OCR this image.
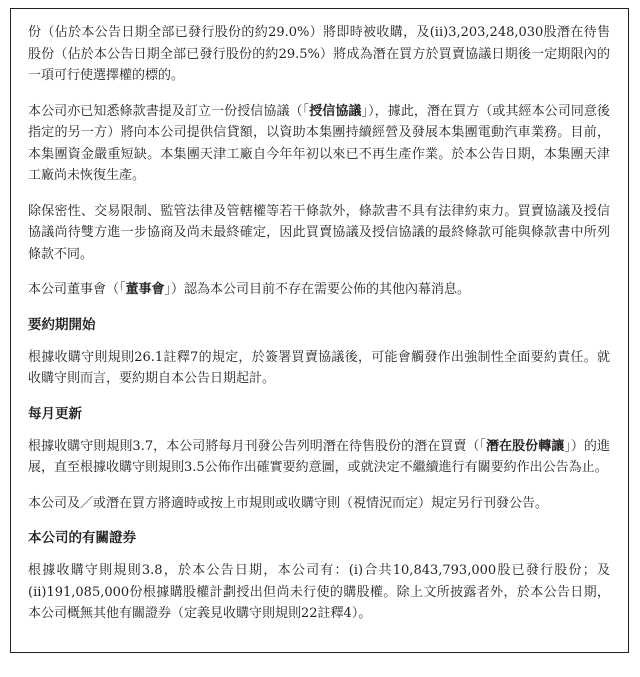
份（佔於本公告日期全部已發行股份的約29.0%）將即時被收購，及(ii)3,203,248,030股潛在待售股份（佔於本公告日期全部已發行股份的約29.5%）將成為潛在買方於買賣協議日期後一定期限內的一項可行使選擇權的標的。

本公司亦已知悉條款書提及訂立一份授信協議（「授信協議」），據此，潛在買方（或其經本公司同意後指定的另一方）將向本公司提供信貸額，以資助本集團持續經營及發展本集團電動汽車業務。目前，本集團資金嚴重短缺。本集團天津工廠自今年年初以來已不再生產作業。於本公告日期，本集團天津工廠尚未恢復生產。

除保密性、交易限制、監管法律及管轄權等若干條款外，條款書不具有法律約束力。買賣協議及授信協議尚待雙方進一步協商及尚未最終確定，因此買賣協議及授信協議的最終條款可能與條款書中所列條款不同。

本公司董事會（「董事會」）認為本公司目前不存在需要公佈的其他內幕消息。

要約期開始

根據收購守則規則26.1註釋7的規定，於簽署買賣協議後，可能會觸發作出強制性全面要約責任。就收購守則而言，要約期自本公告日期起計。

每月更新

根據收購守則規則3.7，本公司將每月刊發公告列明潛在待售股份的潛在買賣（「潛在股份轉讓」）的進展，直至根據收購守則規則3.5公佈作出確實要約意圖，或就決定不繼續進行有關要約作出公告為止。

本公司及／或潛在買方將適時或按上市規則或收購守則（視情況而定）規定另行刊發公告。

本公司的有關證券

根據收購守則規則3.8，於本公告日期，本公司有：(i)合共10,843,793,000股已發行股份；及(ii)191,085,000份根據購股權計劃授出但尚未行使的購股權。除上文所披露者外，於本公告日期，本公司概無其他有關證券（定義見收購守則規則22註釋4）。
